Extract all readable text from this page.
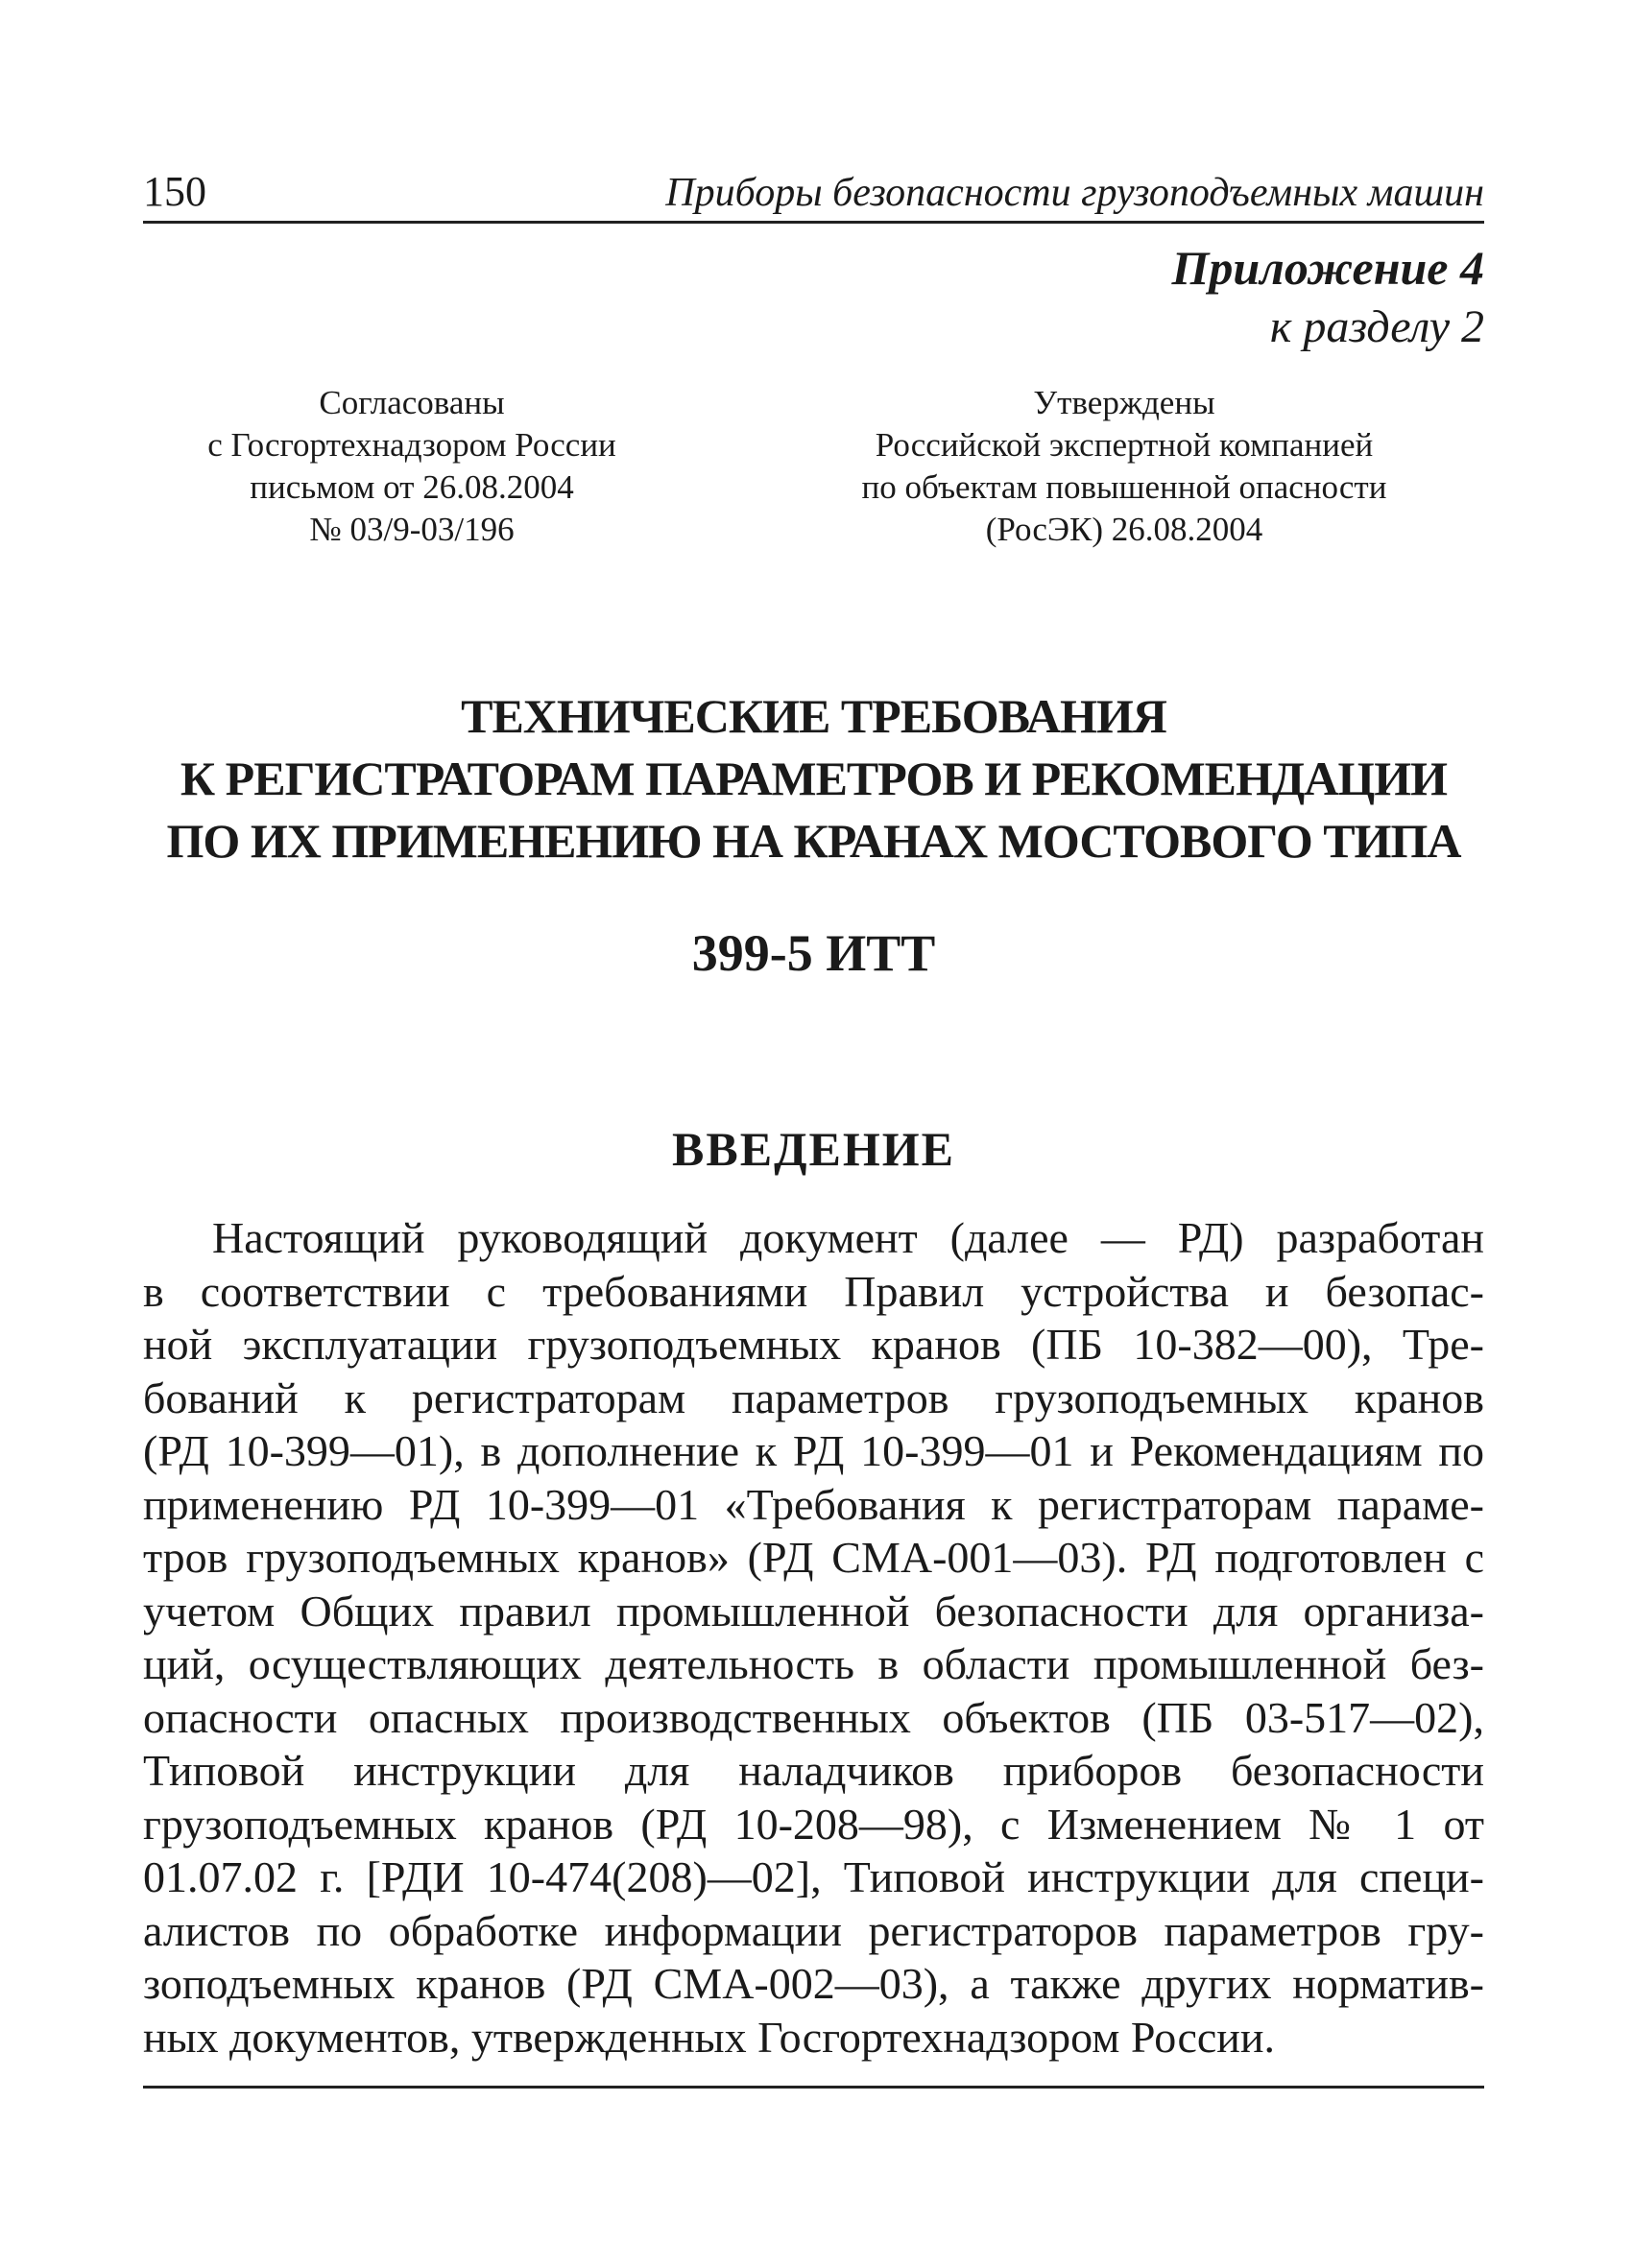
150	Приборы безопасности грузоподъемных машин
Приложение 4
к разделу 2
Согласованы
с Госгортехнадзором России
письмом от 26.08.2004
№ 03/9-03/196
Утверждены
Российской экспертной компанией
по объектам повышенной опасности
(РосЭК) 26.08.2004
ТЕХНИЧЕСКИЕ ТРЕБОВАНИЯ
К РЕГИСТРАТОРАМ ПАРАМЕТРОВ И РЕКОМЕНДАЦИИ
ПО ИХ ПРИМЕНЕНИЮ НА КРАНАХ МОСТОВОГО ТИПА
399-5 ИТТ
ВВЕДЕНИЕ
Настоящий руководящий документ (далее — РД) разработан
в соответствии с требованиями Правил устройства и безопас-
ной эксплуатации грузоподъемных кранов (ПБ 10-382—00), Тре-
бований к регистраторам параметров грузоподъемных кранов
(РД 10-399—01), в дополнение к РД 10-399—01 и Рекомендациям по
применению РД 10-399—01 «Требования к регистраторам параме-
тров грузоподъемных кранов» (РД СМА-001—03). РД подготовлен с
учетом Общих правил промышленной безопасности для организа-
ций, осуществляющих деятельность в области промышленной без-
опасности опасных производственных объектов (ПБ 03-517—02),
Типовой инструкции для наладчиков приборов безопасности
грузоподъемных кранов (РД 10-208—98), с Изменением № 1 от
01.07.02 г. [РДИ 10-474(208)—02], Типовой инструкции для специ-
алистов по обработке информации регистраторов параметров гру-
зоподъемных кранов (РД СМА-002—03), а также других норматив-
ных документов, утвержденных Госгортехнадзором России.
